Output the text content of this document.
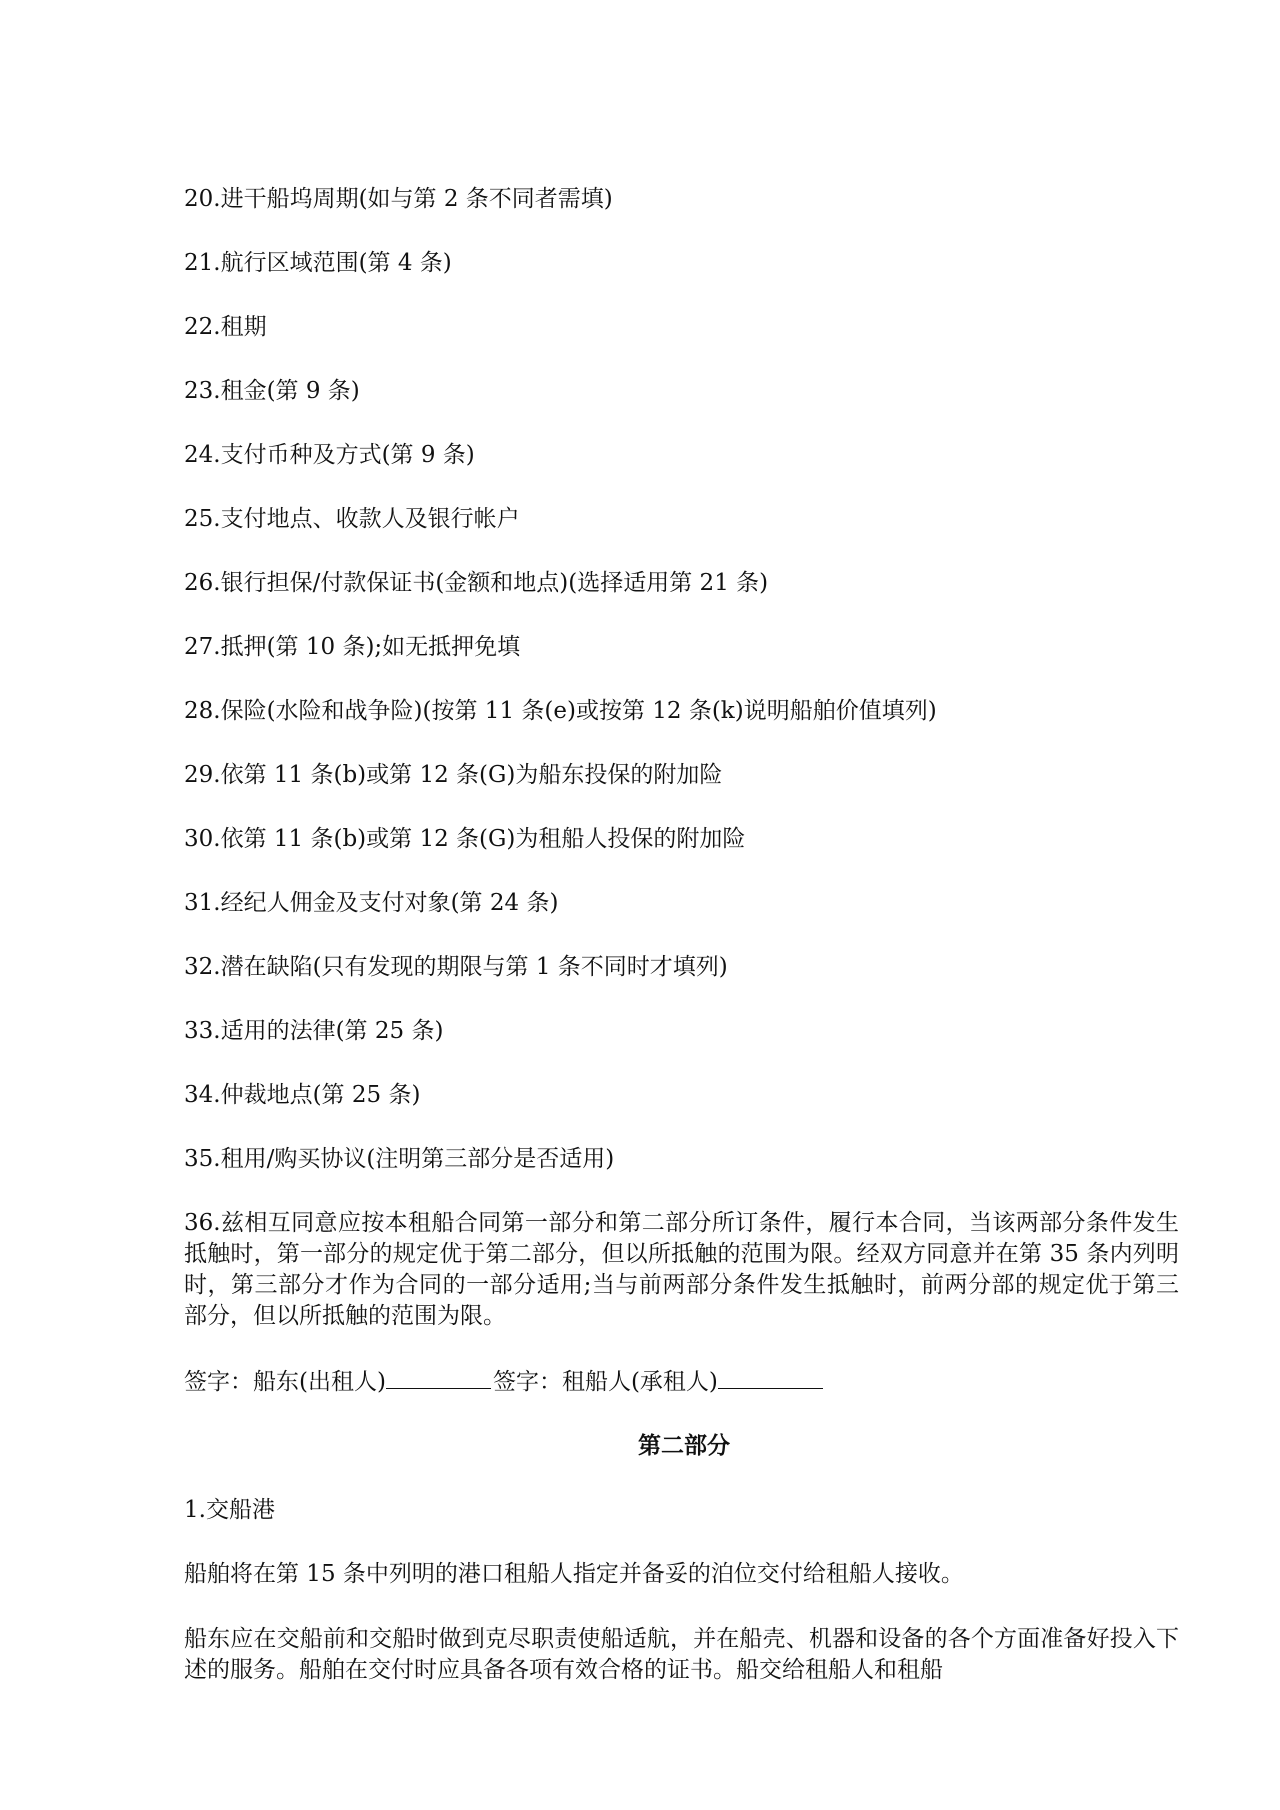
20.进干船坞周期(如与第 2 条不同者需填)

21.航行区域范围(第 4 条)

22.租期

23.租金(第 9 条)

24.支付币种及方式(第 9 条)

25.支付地点、收款人及银行帐户

26.银行担保/付款保证书(金额和地点)(选择适用第 21 条)

27.抵押(第 10 条);如无抵押免填

28.保险(水险和战争险)(按第 11 条(e)或按第 12 条(k)说明船舶价值填列)

29.依第 11 条(b)或第 12 条(G)为船东投保的附加险

30.依第 11 条(b)或第 12 条(G)为租船人投保的附加险

31.经纪人佣金及支付对象(第 24 条)

32.潜在缺陷(只有发现的期限与第 1 条不同时才填列)

33.适用的法律(第 25 条)

34.仲裁地点(第 25 条)

35.租用/购买协议(注明第三部分是否适用)

36.兹相互同意应按本租船合同第一部分和第二部分所订条件，履行本合同，当该两部分条件发生抵触时，第一部分的规定优于第二部分，但以所抵触的范围为限。经双方同意并在第 35 条内列明时，第三部分才作为合同的一部分适用;当与前两部分条件发生抵触时，前两分部的规定优于第三部分，但以所抵触的范围为限。

签字：船东(出租人)	签字：租船人(承租人)

第二部分

1.交船港

船舶将在第 15 条中列明的港口租船人指定并备妥的泊位交付给租船人接收。

船东应在交船前和交船时做到克尽职责使船适航，并在船壳、机器和设备的各个方面准备好投入下述的服务。船舶在交付时应具备各项有效合格的证书。船交给租船人和租船
